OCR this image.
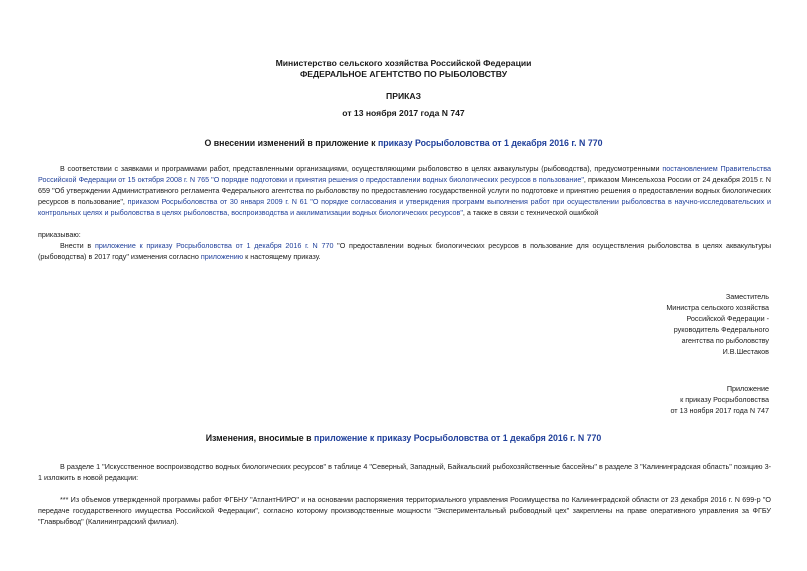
Министерство сельского хозяйства Российской Федерации
ФЕДЕРАЛЬНОЕ АГЕНТСТВО ПО РЫБОЛОВСТВУ
ПРИКАЗ
от 13 ноября 2017 года N 747
О внесении изменений в приложение к приказу Росрыболовства от 1 декабря 2016 г. N 770
В соответствии с заявками и программами работ, представленными организациями, осуществляющими рыболовство в целях аквакультуры (рыбоводства), предусмотренными постановлением Правительства Российской Федерации от 15 октября 2008 г. N 765 "О порядке подготовки и принятия решения о предоставлении водных биологических ресурсов в пользование", приказом Минсельхоза России от 24 декабря 2015 г. N 659 "Об утверждении Административного регламента Федерального агентства по рыболовству по предоставлению государственной услуги по подготовке и принятию решения о предоставлении водных биологических ресурсов в пользование", приказом Росрыболовства от 30 января 2009 г. N 61 "О порядке согласования и утверждения программ выполнения работ при осуществлении рыболовства в научно-исследовательских и контрольных целях и рыболовства в целях рыболовства, воспроизводства и акклиматизации водных биологических ресурсов", а также в связи с технической ошибкой
приказываю:
Внести в приложение к приказу Росрыболовства от 1 декабря 2016 г. N 770 "О предоставлении водных биологических ресурсов в пользование для осуществления рыболовства в целях аквакультуры (рыбоводства) в 2017 году" изменения согласно приложению к настоящему приказу.
Заместитель
Министра сельского хозяйства
Российской Федерации -
руководитель Федерального
агентства по рыболовству
И.В.Шестаков
Приложение
к приказу Росрыболовства
от 13 ноября 2017 года N 747
Изменения, вносимые в приложение к приказу Росрыболовства от 1 декабря 2016 г. N 770
В разделе 1 "Искусственное воспроизводство водных биологических ресурсов" в таблице 4 "Северный, Западный, Байкальский рыбохозяйственные бассейны" в разделе 3 "Калининградская область" позицию 3-1 изложить в новой редакции:
*** Из объемов утвержденной программы работ ФГБНУ "АтлантНИРО" и на основании распоряжения территориального управления Росимущества по Калининградской области от 23 декабря 2016 г. N 699-р "О передаче государственного имущества Российской Федерации", согласно которому производственные мощности "Экспериментальный рыбоводный цех" закреплены на праве оперативного управления за ФГБУ "Главрыбвод" (Калининградский филиал).
